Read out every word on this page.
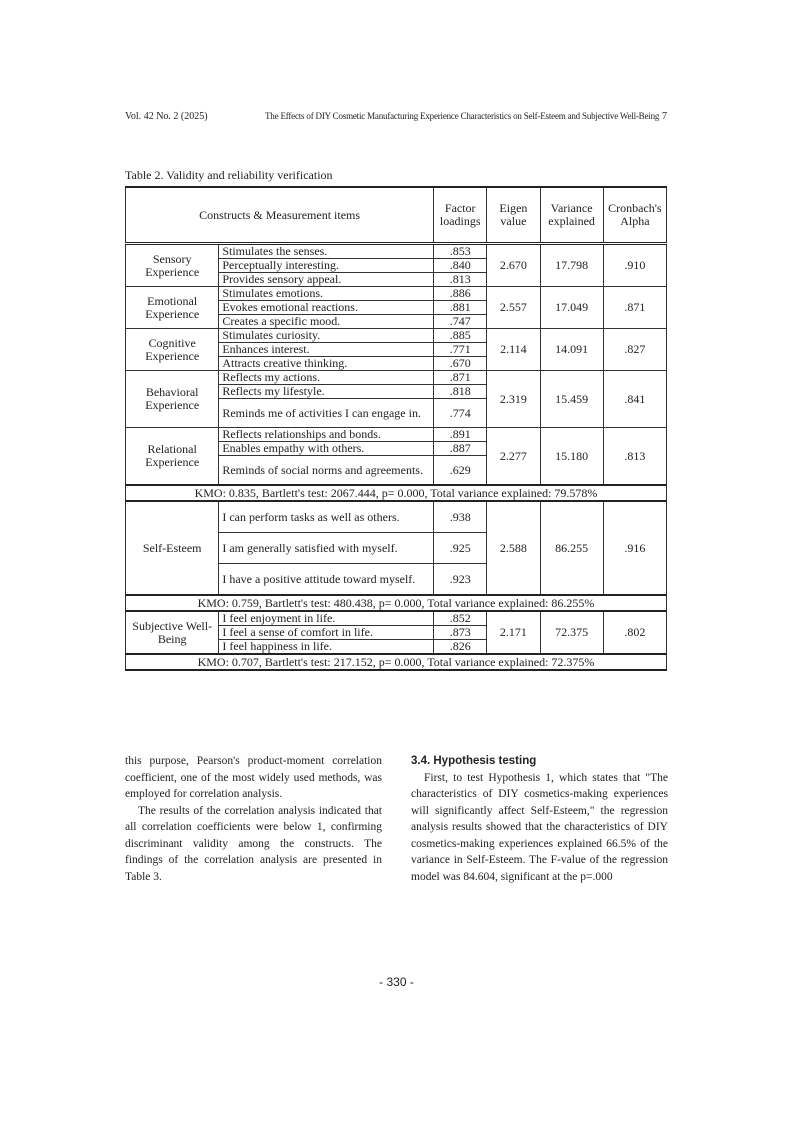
Vol. 42 No. 2 (2025)	The Effects of DIY Cosmetic Manufacturing Experience Characteristics on Self-Esteem and Subjective Well-Being 7
Table 2. Validity and reliability verification
Constructs & Measurement items		Factor loadings	Eigen value	Variance explained	Cronbach's Alpha
Sensory Experience	Stimulates the senses.	.853	2.670	17.798	.910
	Perceptually interesting.	.840			
	Provides sensory appeal.	.813			
Emotional Experience	Stimulates emotions.	.886	2.557	17.049	.871
	Evokes emotional reactions.	.881			
	Creates a specific mood.	.747			
Cognitive Experience	Stimulates curiosity.	.885	2.114	14.091	.827
	Enhances interest.	.771			
	Attracts creative thinking.	.670			
Behavioral Experience	Reflects my actions.	.871	2.319	15.459	.841
	Reflects my lifestyle.	.818			
	Reminds me of activities I can engage in.	.774			
Relational Experience	Reflects relationships and bonds.	.891	2.277	15.180	.813
	Enables empathy with others.	.887			
	Reminds of social norms and agreements.	.629			
KMO: 0.835, Bartlett's test: 2067.444, p= 0.000, Total variance explained: 79.578%					
Self-Esteem	I can perform tasks as well as others.	.938	2.588	86.255	.916
	I am generally satisfied with myself.	.925			
	I have a positive attitude toward myself.	.923			
KMO: 0.759, Bartlett's test: 480.438, p= 0.000, Total variance explained: 86.255%					
Subjective Well-Being	I feel enjoyment in life.	.852	2.171	72.375	.802
	I feel a sense of comfort in life.	.873			
	I feel happiness in life.	.826			
KMO: 0.707, Bartlett's test: 217.152, p= 0.000, Total variance explained: 72.375%					

this purpose, Pearson's product-moment correlation coefficient, one of the most widely used methods, was employed for correlation analysis.

The results of the correlation analysis indicated that all correlation coefficients were below 1, confirming discriminant validity among the constructs. The findings of the correlation analysis are presented in Table 3.

3.4. Hypothesis testing

First, to test Hypothesis 1, which states that "The characteristics of DIY cosmetics-making experiences will significantly affect Self-Esteem," the regression analysis results showed that the characteristics of DIY cosmetics-making experiences explained 66.5% of the variance in Self-Esteem. The F-value of the regression model was 84.604, significant at the p=.000

- 330 -
